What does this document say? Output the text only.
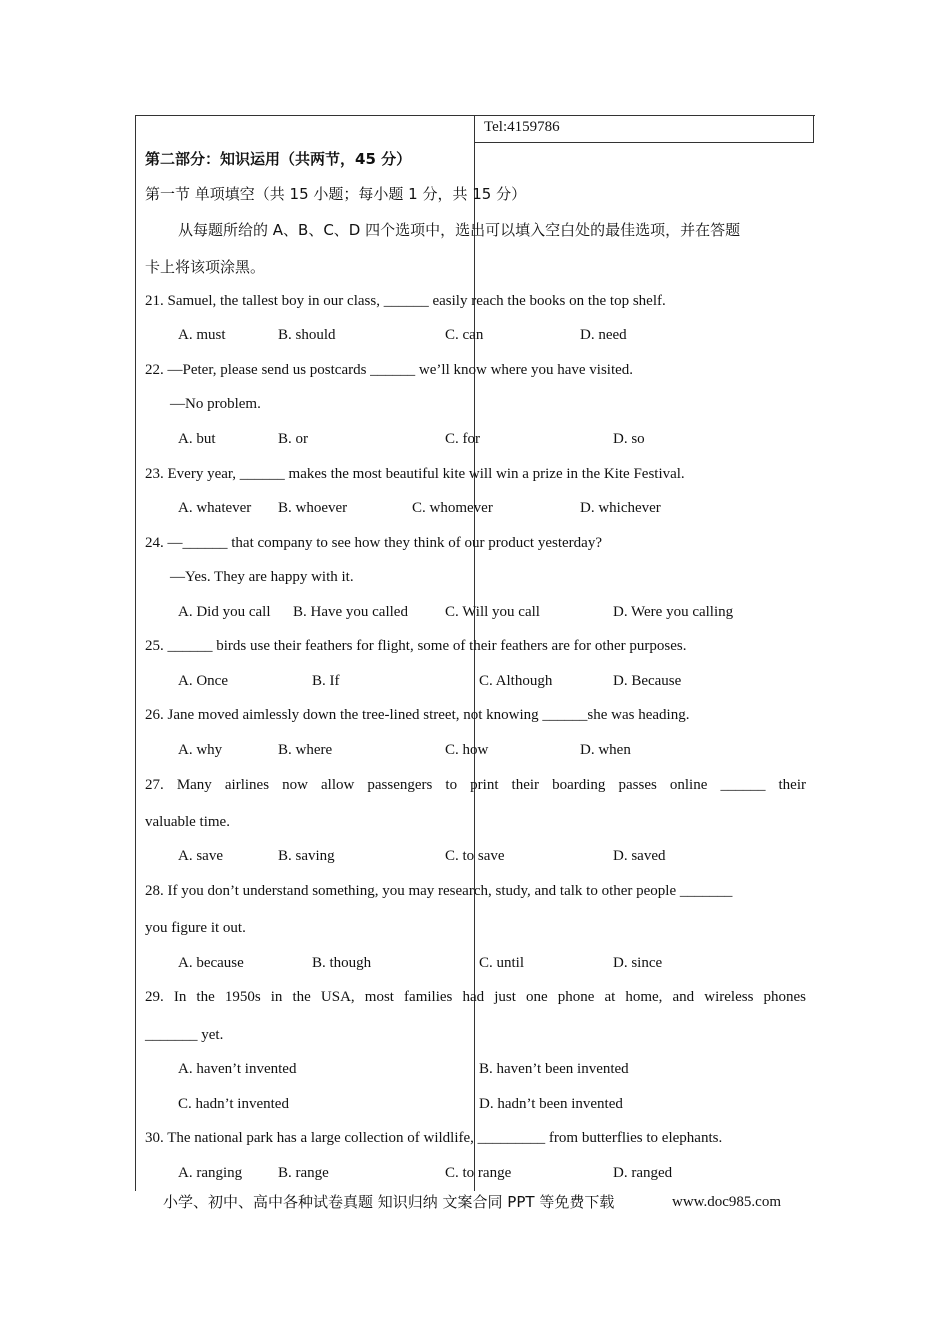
Tel:4159786
第二部分：知识运用（共两节，45 分）
第一节 单项填空（共 15 小题；每小题 1 分，共 15 分）
从每题所给的 A、B、C、D 四个选项中，选出可以填入空白处的最佳选项，并在答题
卡上将该项涂黑。
21. Samuel, the tallest boy in our class, ______ easily reach the books on the top shelf.
A. must	B. should	C. can	D. need
22. —Peter, please send us postcards ______ we’ll know where you have visited.
—No problem.
A. but	B. or	C. for	D. so
23. Every year, ______ makes the most beautiful kite will win a prize in the Kite Festival.
A. whatever B. whoever	C. whomever	D. whichever
24. —______ that company to see how they think of our product yesterday?
—Yes. They are happy with it.
A. Did you call B. Have you called C. Will you call	D. Were you calling
25. ______ birds use their feathers for flight, some of their feathers are for other purposes.
A. Once	B. If	C. Although	D. Because
26. Jane moved aimlessly down the tree-lined street, not knowing ______she was heading.
A. why	B. where	C. how	D. when
27. Many airlines now allow passengers to print their boarding passes online ______ their
valuable time.
A. save	B. saving	C. to save	D. saved
28. If you don’t understand something, you may research, study, and talk to other people _______
you figure it out.
A. because	B. though	C. until	D. since
29. In the 1950s in the USA, most families had just one phone at home, and wireless phones
_______ yet.
A. haven’t invented	B. haven’t been invented
C. hadn’t invented	D. hadn’t been invented
30. The national park has a large collection of wildlife, _________ from butterflies to elephants.
A. ranging B. range	C. to range	D. ranged
小学、初中、高中各种试卷真题 知识归纳 文案合同 PPT 等免费下载	www.doc985.com
